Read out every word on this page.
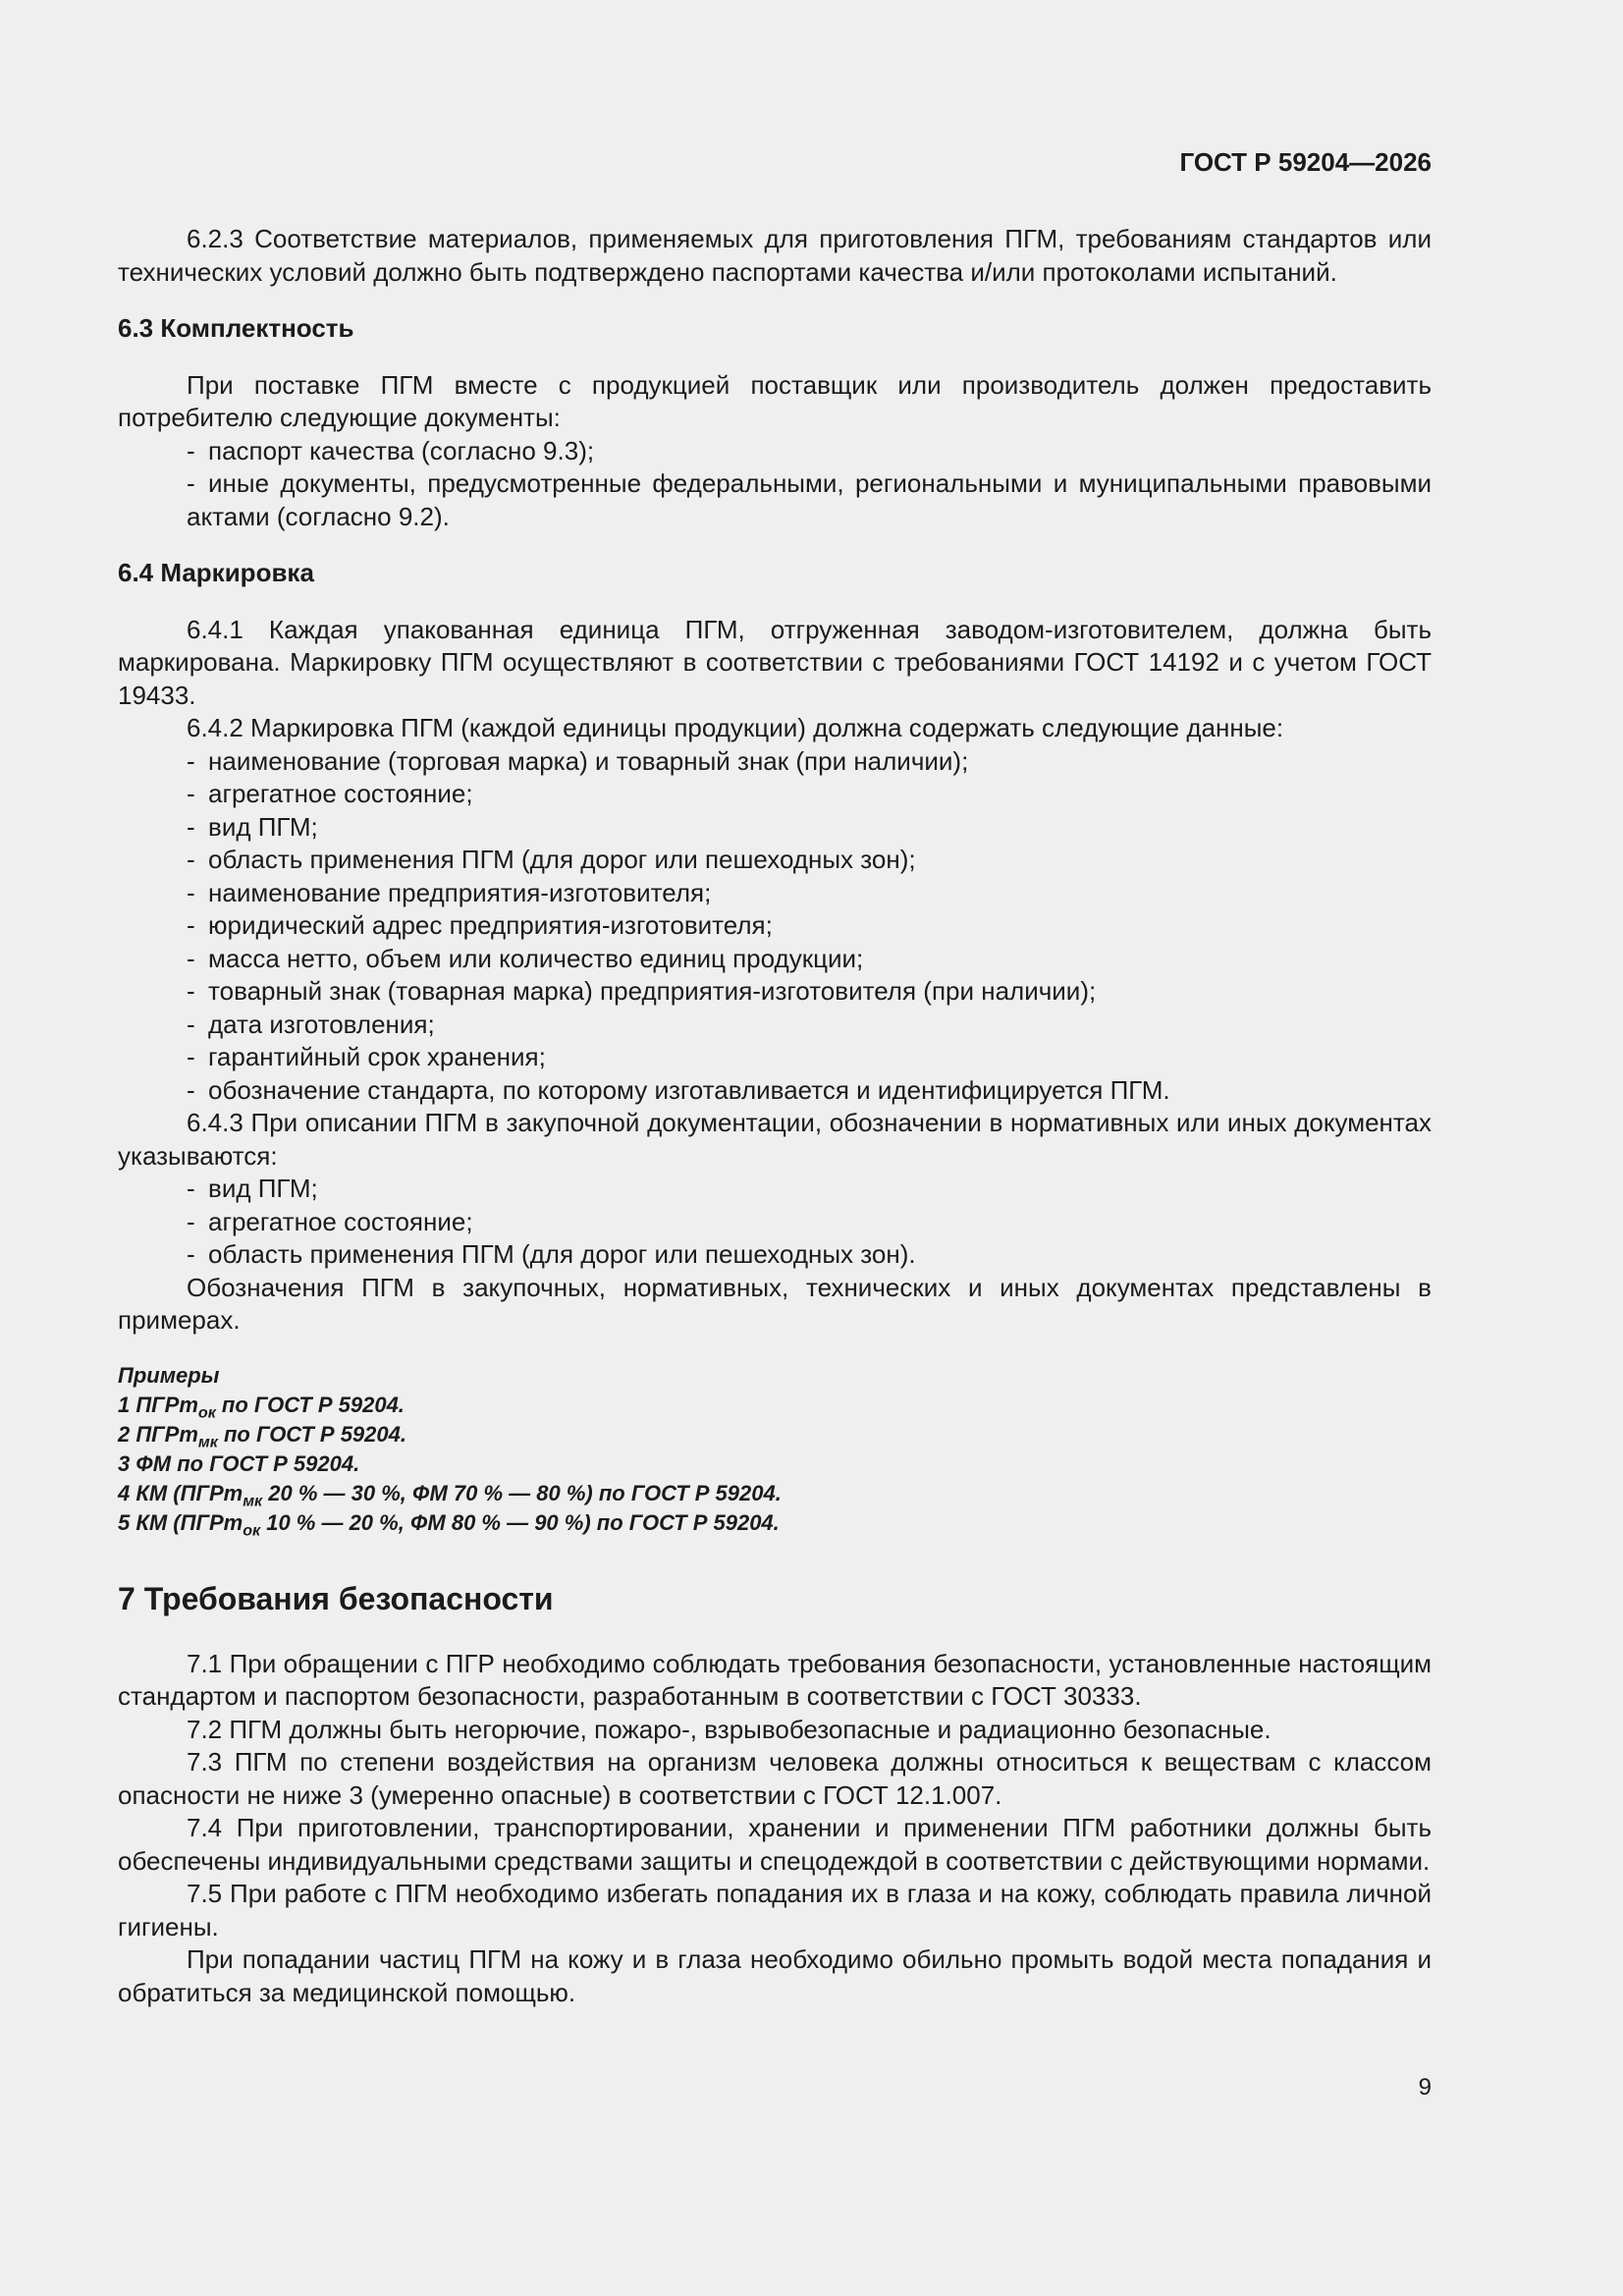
ГОСТ Р 59204—2026

6.2.3 Соответствие материалов, применяемых для приготовления ПГМ, требованиям стандартов или технических условий должно быть подтверждено паспортами качества и/или протоколами испытаний.

6.3 Комплектность

При поставке ПГМ вместе с продукцией поставщик или производитель должен предоставить потребителю следующие документы:

- паспорт качества (согласно 9.3);

- иные документы, предусмотренные федеральными, региональными и муниципальными правовыми актами (согласно 9.2).

6.4 Маркировка

6.4.1 Каждая упакованная единица ПГМ, отгруженная заводом-изготовителем, должна быть маркирована. Маркировку ПГМ осуществляют в соответствии с требованиями ГОСТ 14192 и с учетом ГОСТ 19433.

6.4.2 Маркировка ПГМ (каждой единицы продукции) должна содержать следующие данные:

- наименование (торговая марка) и товарный знак (при наличии);

- агрегатное состояние;

- вид ПГМ;

- область применения ПГМ (для дорог или пешеходных зон);

- наименование предприятия-изготовителя;

- юридический адрес предприятия-изготовителя;

- масса нетто, объем или количество единиц продукции;

- товарный знак (товарная марка) предприятия-изготовителя (при наличии);

- дата изготовления;

- гарантийный срок хранения;

- обозначение стандарта, по которому изготавливается и идентифицируется ПГМ.

6.4.3 При описании ПГМ в закупочной документации, обозначении в нормативных или иных документах указываются:

- вид ПГМ;

- агрегатное состояние;

- область применения ПГМ (для дорог или пешеходных зон).

Обозначения ПГМ в закупочных, нормативных, технических и иных документах представлены в примерах.

Примеры

1 ПГРт$_{ок}$ по ГОСТ Р 59204.

2 ПГРт$_{мк}$ по ГОСТ Р 59204.

3 ФМ по ГОСТ Р 59204.

4 КМ (ПГРт$_{мк}$ 20 % — 30 %, ФМ 70 % — 80 %) по ГОСТ Р 59204.

5 КМ (ПГРт$_{ок}$ 10 % — 20 %, ФМ 80 % — 90 %) по ГОСТ Р 59204.

7 Требования безопасности

7.1 При обращении с ПГР необходимо соблюдать требования безопасности, установленные настоящим стандартом и паспортом безопасности, разработанным в соответствии с ГОСТ 30333.

7.2 ПГМ должны быть негорючие, пожаро-, взрывобезопасные и радиационно безопасные.

7.3 ПГМ по степени воздействия на организм человека должны относиться к веществам с классом опасности не ниже 3 (умеренно опасные) в соответствии с ГОСТ 12.1.007.

7.4 При приготовлении, транспортировании, хранении и применении ПГМ работники должны быть обеспечены индивидуальными средствами защиты и спецодеждой в соответствии с действующими нормами.

7.5 При работе с ПГМ необходимо избегать попадания их в глаза и на кожу, соблюдать правила личной гигиены.

При попадании частиц ПГМ на кожу и в глаза необходимо обильно промыть водой места попадания и обратиться за медицинской помощью.

9
